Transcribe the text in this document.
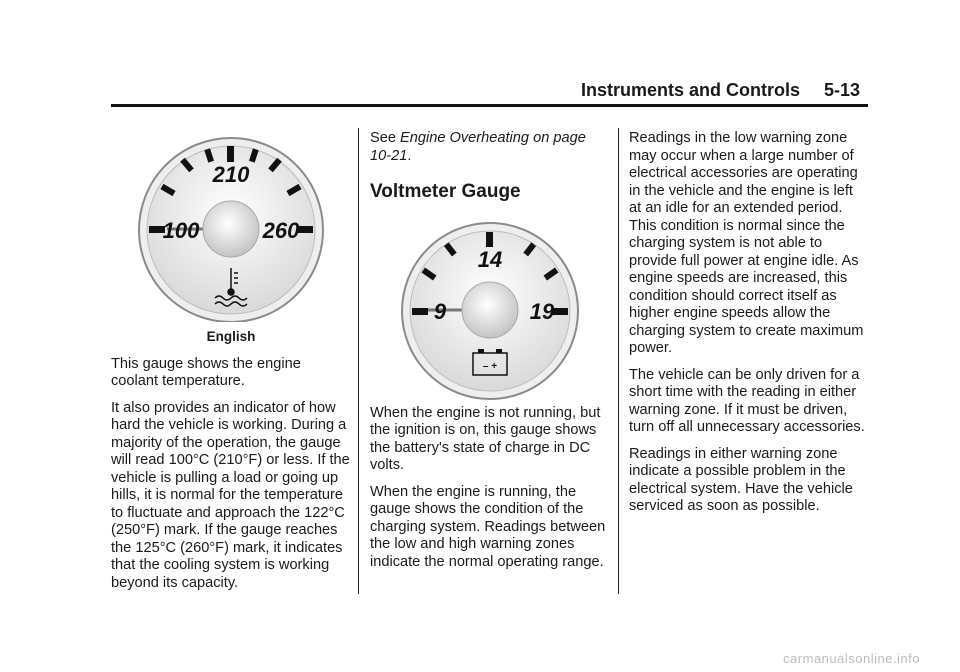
Instruments and Controls 5-13
210
100	260
English

This gauge shows the engine coolant temperature.

It also provides an indicator of how hard the vehicle is working. During a majority of the operation, the gauge will read 100°C (210°F) or less. If the vehicle is pulling a load or going up hills, it is normal for the temperature to fluctuate and approach the 122°C (250°F) mark. If the gauge reaches the 125°C (260°F) mark, it indicates that the cooling system is working beyond its capacity.

See Engine Overheating on page 10-21.

Voltmeter Gauge
14
9	19
– +

When the engine is not running, but the ignition is on, this gauge shows the battery's state of charge in DC volts.

When the engine is running, the gauge shows the condition of the charging system. Readings between the low and high warning zones indicate the normal operating range.

Readings in the low warning zone may occur when a large number of electrical accessories are operating in the vehicle and the engine is left at an idle for an extended period. This condition is normal since the charging system is not able to provide full power at engine idle. As engine speeds are increased, this condition should correct itself as higher engine speeds allow the charging system to create maximum power.

The vehicle can be only driven for a short time with the reading in either warning zone. If it must be driven, turn off all unnecessary accessories.

Readings in either warning zone indicate a possible problem in the electrical system. Have the vehicle serviced as soon as possible.

carmanualsonline.info
